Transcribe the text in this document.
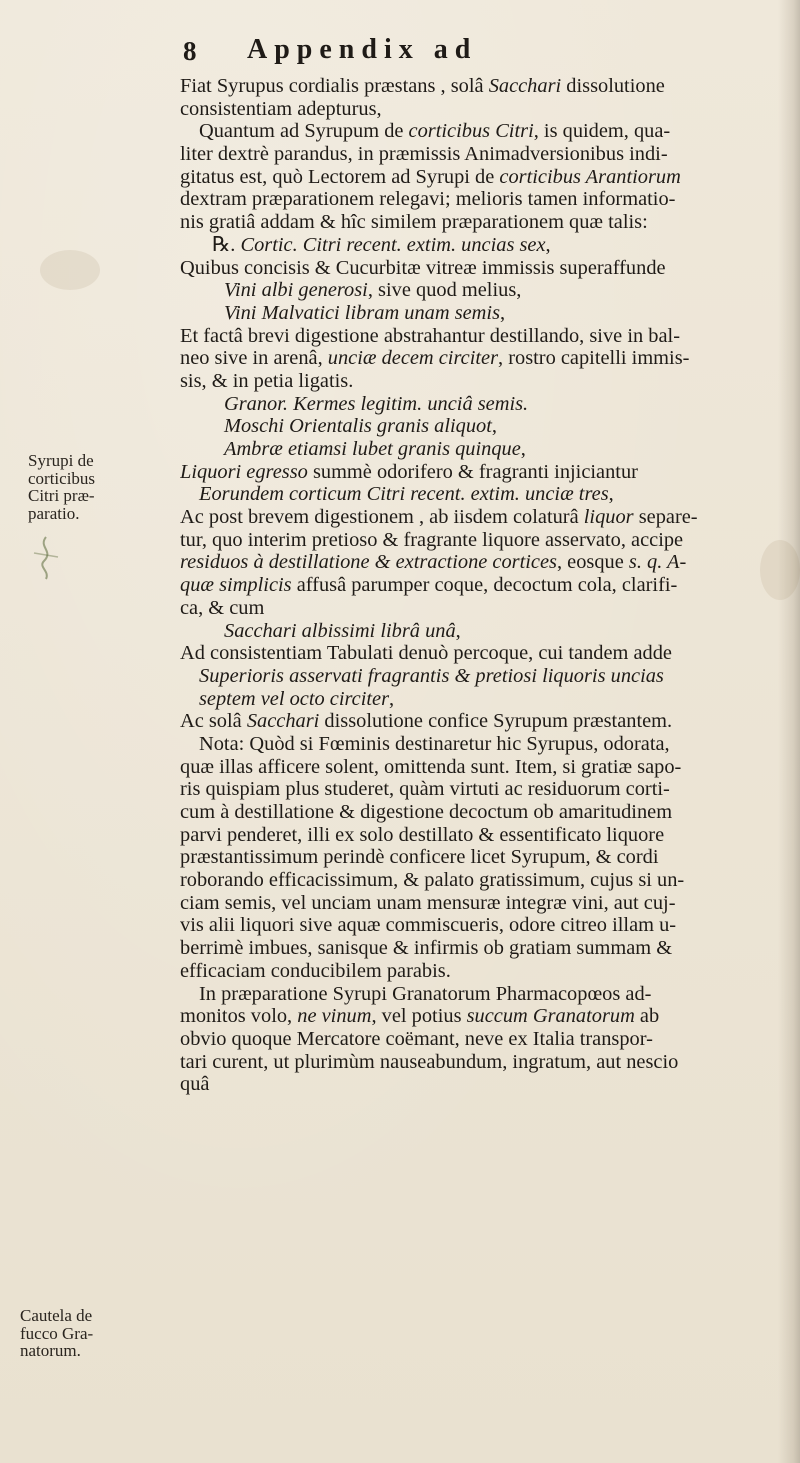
8 Appendix ad
Syrupi de
corticibus
Citri præ-
paratio.
Cautela de
fucco Gra-
natorum.
Fiat Syrupus cordialis præstans , solâ Sacchari dissolutione
consistentiam adepturus,
Quantum ad Syrupum de corticibus Citri, is quidem, qua-
liter dextrè parandus, in præmissis Animadversionibus indi-
gitatus est, quò Lectorem ad Syrupi de corticibus Arantiorum
dextram præparationem relegavi; melioris tamen informatio-
nis gratiâ addam & hîc similem præparationem quæ talis:
℞. Cortic. Citri recent. extim. uncias sex,
Quibus concisis & Cucurbitæ vitreæ immissis superaffunde
Vini albi generosi, sive quod melius,
Vini Malvatici libram unam semis,
Et factâ brevi digestione abstrahantur destillando, sive in bal-
neo sive in arenâ, unciæ decem circiter, rostro capitelli immis-
sis, & in petia ligatis.
Granor. Kermes legitim. unciâ semis.
Moschi Orientalis granis aliquot,
Ambræ etiamsi lubet granis quinque,
Liquori egresso summè odorifero & fragranti injiciantur
Eorundem corticum Citri recent. extim. unciæ tres,
Ac post brevem digestionem , ab iisdem colaturâ liquor separe-
tur, quo interim pretioso & fragrante liquore asservato, accipe
residuos à destillatione & extractione cortices, eosque s. q. A-
quæ simplicis affusâ parumper coque, decoctum cola, clarifi-
ca, & cum
Sacchari albissimi librâ unâ,
Ad consistentiam Tabulati denuò percoque, cui tandem adde
Superioris asservati fragrantis & pretiosi liquoris uncias
septem vel octo circiter,
Ac solâ Sacchari dissolutione confice Syrupum præstantem.
Nota: Quòd si Fœminis destinaretur hic Syrupus, odorata,
quæ illas afficere solent, omittenda sunt. Item, si gratiæ sapo-
ris quispiam plus studeret, quàm virtuti ac residuorum corti-
cum à destillatione & digestione decoctum ob amaritudinem
parvi penderet, illi ex solo destillato & essentificato liquore
præstantissimum perindè conficere licet Syrupum, & cordi
roborando efficacissimum, & palato gratissimum, cujus si un-
ciam semis, vel unciam unam mensuræ integræ vini, aut cuj-
vis alii liquori sive aquæ commiscueris, odore citreo illam u-
berrimè imbues, sanisque & infirmis ob gratiam summam &
efficaciam conducibilem parabis.
In præparatione Syrupi Granatorum Pharmacopœos ad-
monitos volo, ne vinum, vel potius succum Granatorum ab
obvio quoque Mercatore coëmant, neve ex Italia transpor-
tari curent, ut plurimùm nauseabundum, ingratum, aut nescio
quâ
